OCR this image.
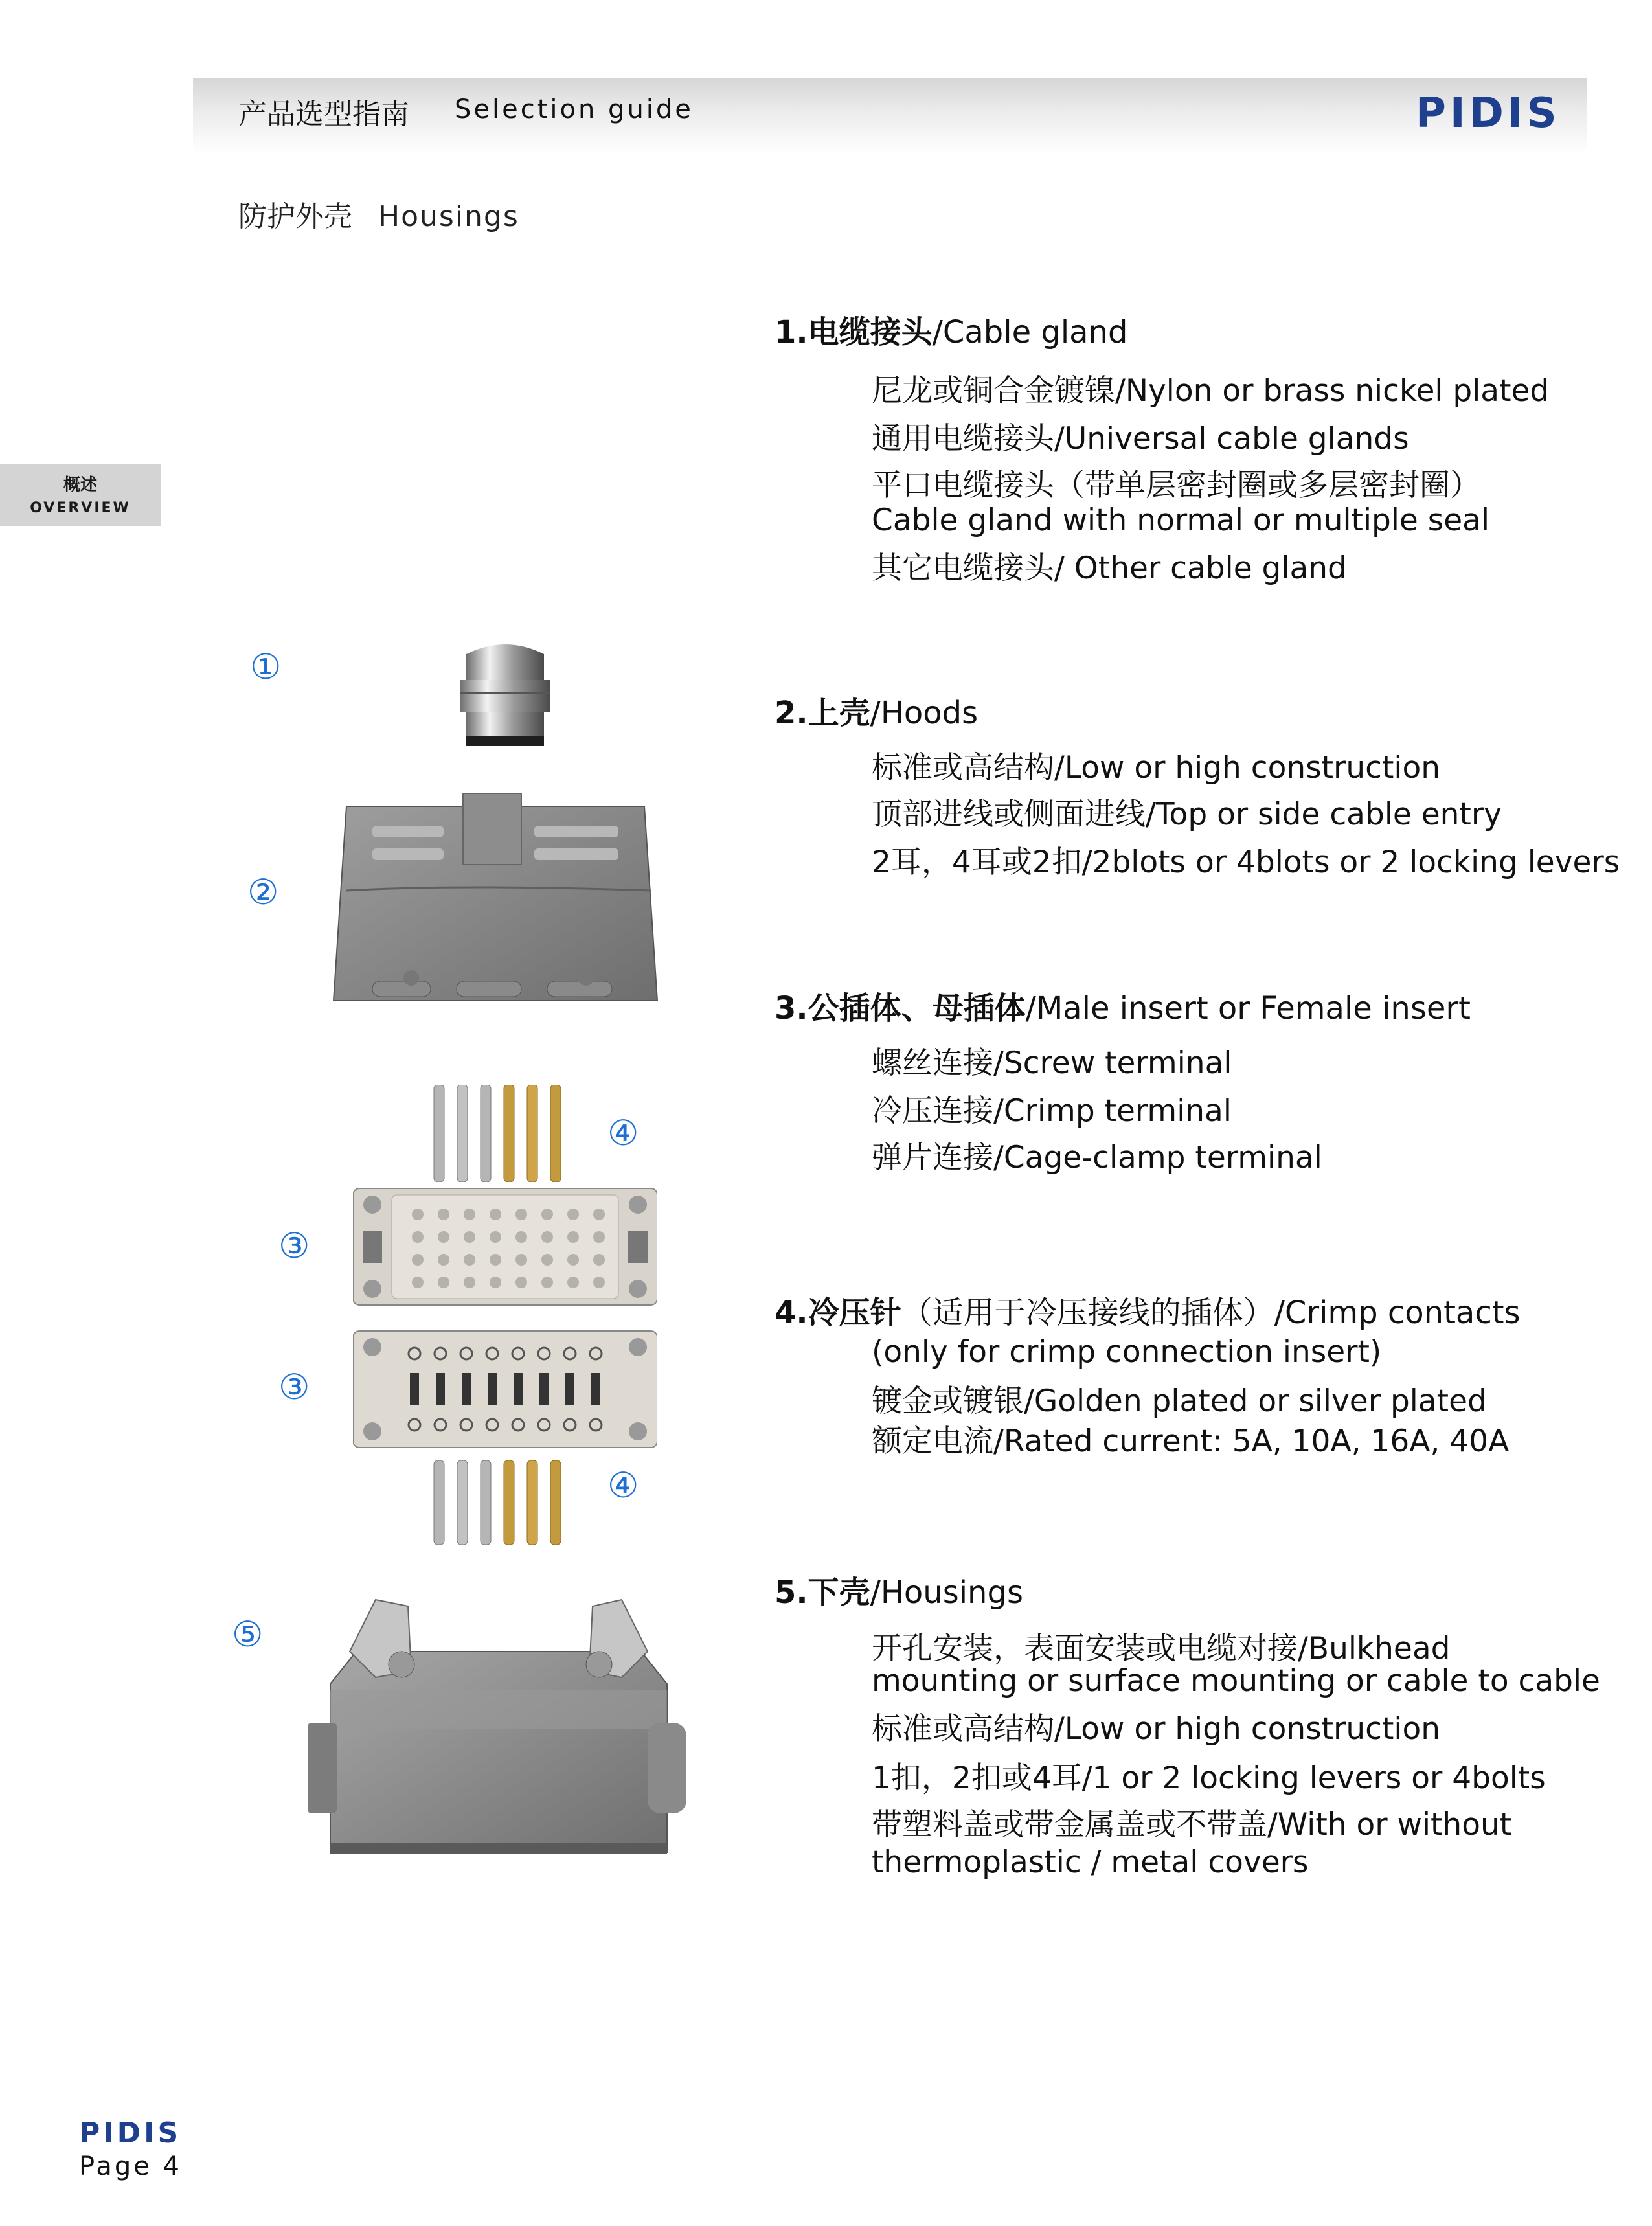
产品选型指南 Selection guide	PIDIS
防护外壳 Housings
概述
OVERVIEW
1.电缆接头/Cable gland
尼龙或铜合金镀镍/Nylon or brass nickel plated
通用电缆接头/Universal cable glands
平口电缆接头（带单层密封圈或多层密封圈）
Cable gland with normal or multiple seal
其它电缆接头/ Other cable gland
2.上壳/Hoods
标准或高结构/Low or high construction
顶部进线或侧面进线/Top or side cable entry
2耳，4耳或2扣/2blots or 4blots or 2 locking levers
3.公插体、母插体/Male insert or Female insert
螺丝连接/Screw terminal
冷压连接/Crimp terminal
弹片连接/Cage-clamp terminal
4.冷压针（适用于冷压接线的插体）/Crimp contacts
(only for crimp connection insert)
镀金或镀银/Golden plated or silver plated
额定电流/Rated current: 5A, 10A, 16A, 40A
5.下壳/Housings
开孔安装，表面安装或电缆对接/Bulkhead
mounting or surface mounting or cable to cable
标准或高结构/Low or high construction
1扣，2扣或4耳/1 or 2 locking levers or 4bolts
带塑料盖或带金属盖或不带盖/With or without
thermoplastic / metal covers
①
②
③
③
④
④
⑤
PIDIS
Page 4
